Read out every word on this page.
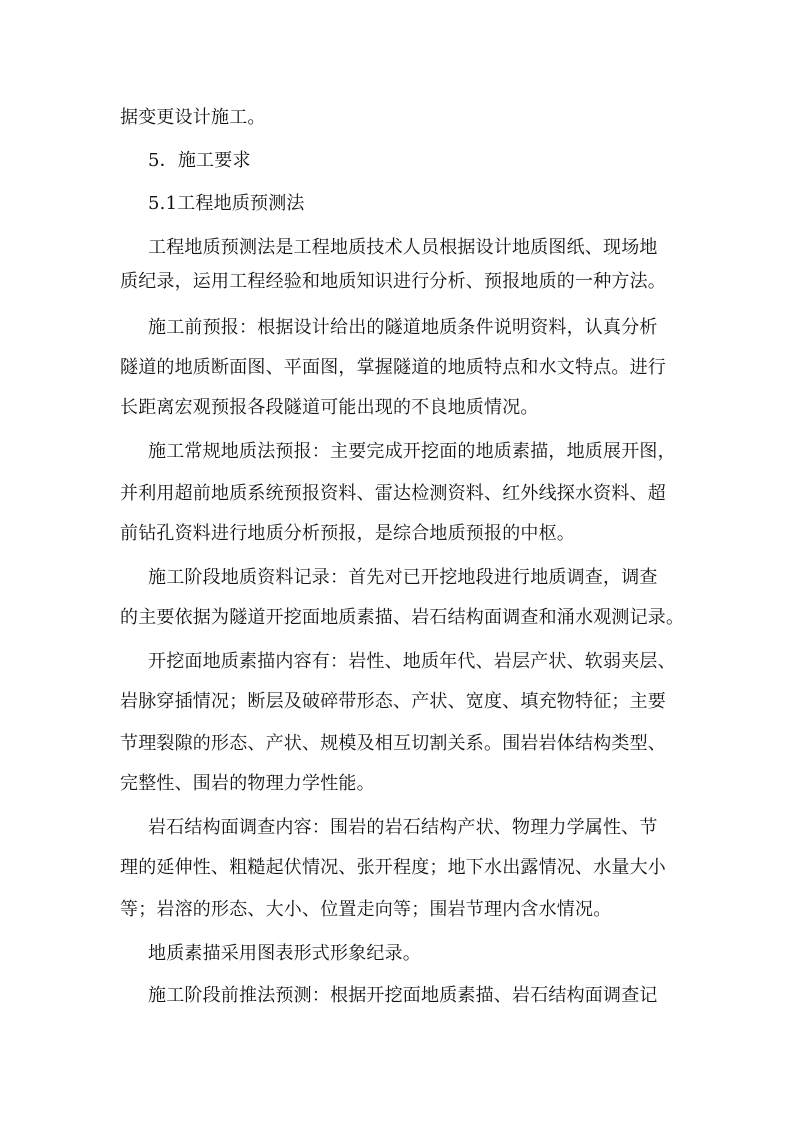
据变更设计施工。
5．施工要求
5.1工程地质预测法
工程地质预测法是工程地质技术人员根据设计地质图纸、现场地
质纪录，运用工程经验和地质知识进行分析、预报地质的一种方法。
施工前预报：根据设计给出的隧道地质条件说明资料，认真分析
隧道的地质断面图、平面图，掌握隧道的地质特点和水文特点。进行
长距离宏观预报各段隧道可能出现的不良地质情况。
施工常规地质法预报：主要完成开挖面的地质素描，地质展开图，
并利用超前地质系统预报资料、雷达检测资料、红外线探水资料、超
前钻孔资料进行地质分析预报，是综合地质预报的中枢。
施工阶段地质资料记录：首先对已开挖地段进行地质调查，调查
的主要依据为隧道开挖面地质素描、岩石结构面调查和涌水观测记录。
开挖面地质素描内容有：岩性、地质年代、岩层产状、软弱夹层、
岩脉穿插情况；断层及破碎带形态、产状、宽度、填充物特征；主要
节理裂隙的形态、产状、规模及相互切割关系。围岩岩体结构类型、
完整性、围岩的物理力学性能。
岩石结构面调查内容：围岩的岩石结构产状、物理力学属性、节
理的延伸性、粗糙起伏情况、张开程度；地下水出露情况、水量大小
等；岩溶的形态、大小、位置走向等；围岩节理内含水情况。
地质素描采用图表形式形象纪录。
施工阶段前推法预测：根据开挖面地质素描、岩石结构面调查记
